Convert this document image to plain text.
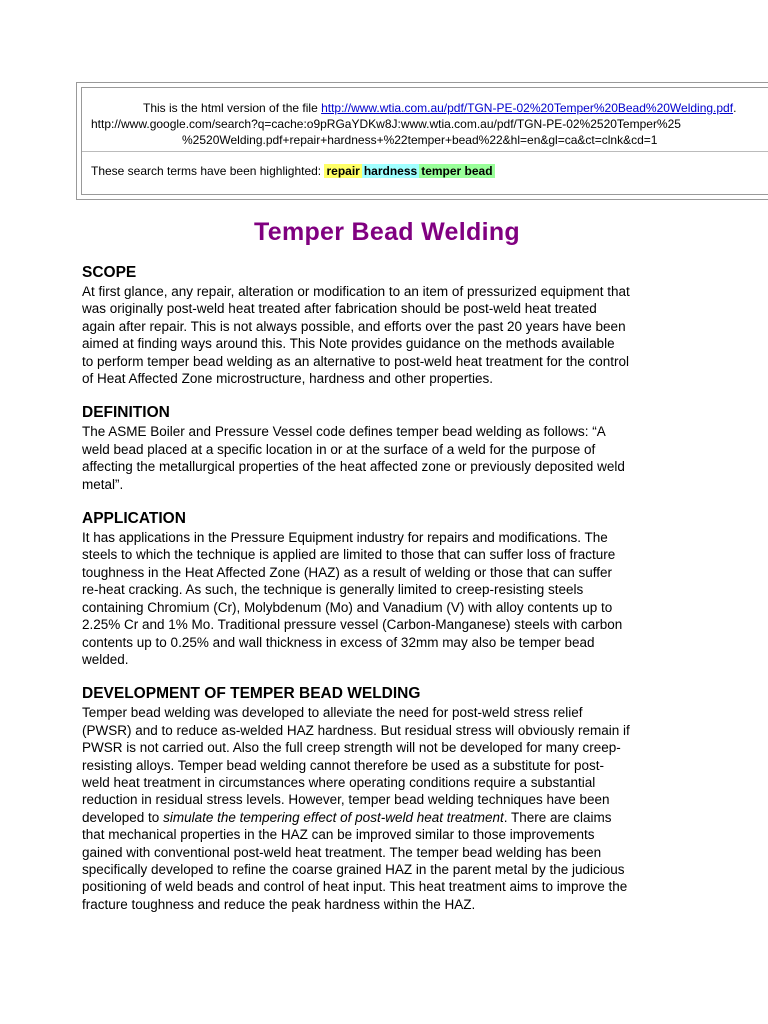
This is the html version of the file http://www.wtia.com.au/pdf/TGN-PE-02%20Temper%20Bead%20Welding.pdf.
http://www.google.com/search?q=cache:o9pRGaYDKw8J:www.wtia.com.au/pdf/TGN-PE-02%2520Temper%25
%2520Welding.pdf+repair+hardness+%22temper+bead%22&hl=en&gl=ca&ct=clnk&cd=1
These search terms have been highlighted: repair hardness temper bead
Temper Bead Welding
SCOPE

At first glance, any repair, alteration or modification to an item of pressurized equipment that
was originally post-weld heat treated after fabrication should be post-weld heat treated
again after repair. This is not always possible, and efforts over the past 20 years have been
aimed at finding ways around this. This Note provides guidance on the methods available
to perform temper bead welding as an alternative to post-weld heat treatment for the control
of Heat Affected Zone microstructure, hardness and other properties.

DEFINITION

The ASME Boiler and Pressure Vessel code defines temper bead welding as follows: “A
weld bead placed at a specific location in or at the surface of a weld for the purpose of
affecting the metallurgical properties of the heat affected zone or previously deposited weld
metal”.

APPLICATION

It has applications in the Pressure Equipment industry for repairs and modifications. The
steels to which the technique is applied are limited to those that can suffer loss of fracture
toughness in the Heat Affected Zone (HAZ) as a result of welding or those that can suffer
re-heat cracking. As such, the technique is generally limited to creep-resisting steels
containing Chromium (Cr), Molybdenum (Mo) and Vanadium (V) with alloy contents up to
2.25% Cr and 1% Mo. Traditional pressure vessel (Carbon-Manganese) steels with carbon
contents up to 0.25% and wall thickness in excess of 32mm may also be temper bead
welded.

DEVELOPMENT OF TEMPER BEAD WELDING

Temper bead welding was developed to alleviate the need for post-weld stress relief
(PWSR) and to reduce as-welded HAZ hardness. But residual stress will obviously remain if
PWSR is not carried out. Also the full creep strength will not be developed for many creep-
resisting alloys. Temper bead welding cannot therefore be used as a substitute for post-
weld heat treatment in circumstances where operating conditions require a substantial
reduction in residual stress levels. However, temper bead welding techniques have been
developed to simulate the tempering effect of post-weld heat treatment. There are claims
that mechanical properties in the HAZ can be improved similar to those improvements
gained with conventional post-weld heat treatment. The temper bead welding has been
specifically developed to refine the coarse grained HAZ in the parent metal by the judicious
positioning of weld beads and control of heat input. This heat treatment aims to improve the
fracture toughness and reduce the peak hardness within the HAZ.
